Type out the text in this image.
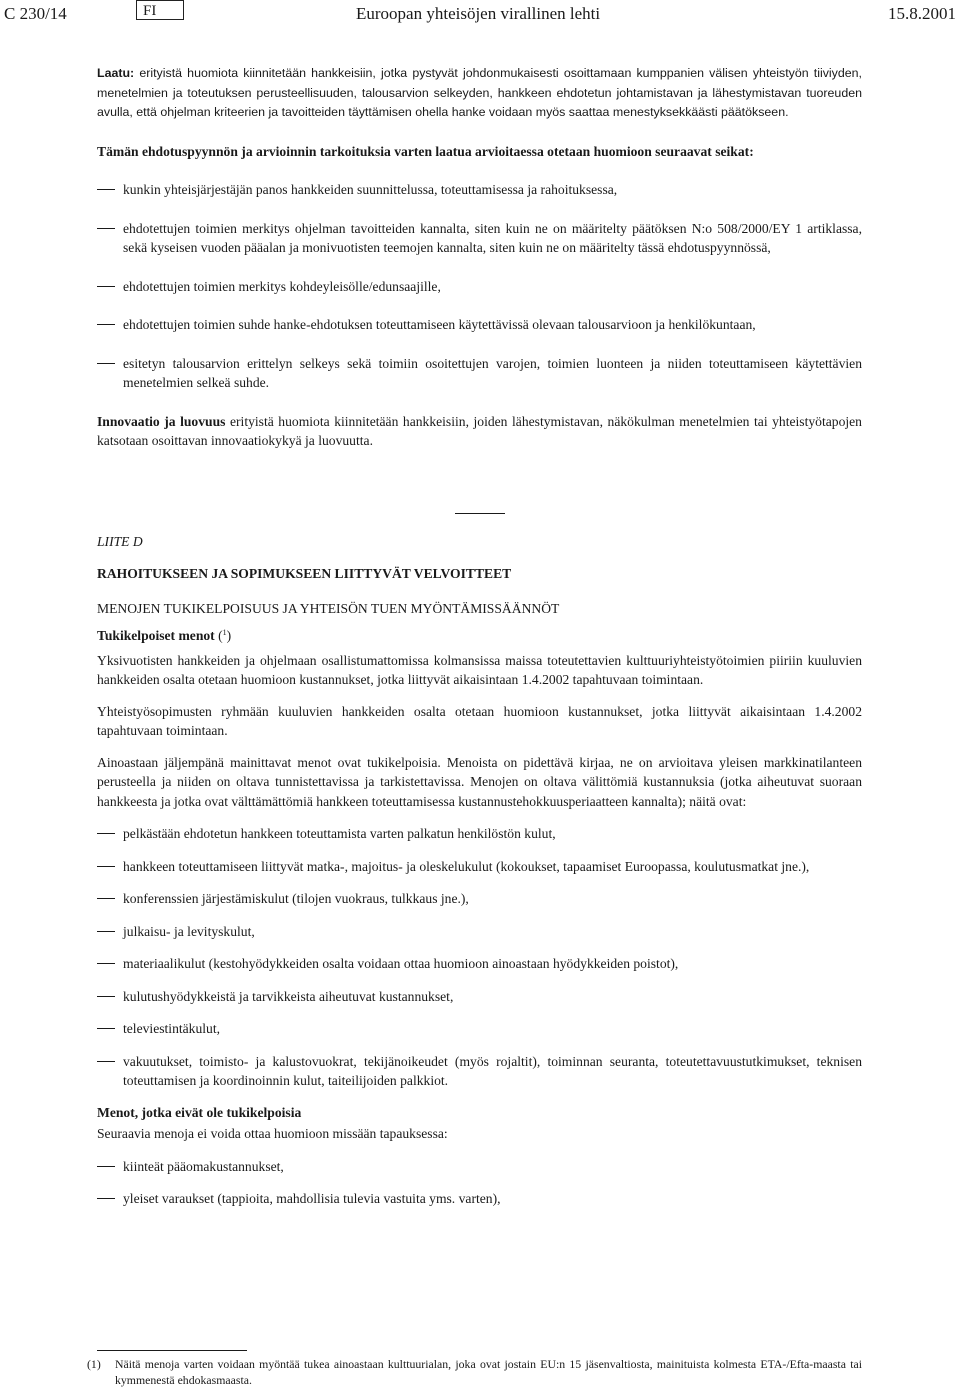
C 230/14	FI	Euroopan yhteisöjen virallinen lehti	15.8.2001

Laatu: erityistä huomiota kiinnitetään hankkeisiin, jotka pystyvät johdonmukaisesti osoittamaan kumppanien välisen yhteistyön tiiviyden, menetelmien ja toteutuksen perusteellisuuden, talousarvion selkeyden, hankkeen ehdotetun johtamistavan ja lähestymistavan tuoreuden avulla, että ohjelman kriteerien ja tavoitteiden täyttämisen ohella hanke voidaan myös saattaa menestyksekkäästi päätökseen.

Tämän ehdotuspyynnön ja arvioinnin tarkoituksia varten laatua arvioitaessa otetaan huomioon seuraavat seikat:

kunkin yhteisjärjestäjän panos hankkeiden suunnittelussa, toteuttamisessa ja rahoituksessa,

ehdotettujen toimien merkitys ohjelman tavoitteiden kannalta, siten kuin ne on määritelty päätöksen N:o 508/2000/EY 1 artiklassa, sekä kyseisen vuoden pääalan ja monivuotisten teemojen kannalta, siten kuin ne on määritelty tässä ehdotuspyynnössä,

ehdotettujen toimien merkitys kohdeyleisölle/edunsaajille,

ehdotettujen toimien suhde hanke-ehdotuksen toteuttamiseen käytettävissä olevaan talousarvioon ja henkilökuntaan,

esitetyn talousarvion erittelyn selkeys sekä toimiin osoitettujen varojen, toimien luonteen ja niiden toteuttamiseen käytettävien menetelmien selkeä suhde.

Innovaatio ja luovuus erityistä huomiota kiinnitetään hankkeisiin, joiden lähestymistavan, näkökulman menetelmien tai yhteistyötapojen katsotaan osoittavan innovaatiokykyä ja luovuutta.

LIITE D

RAHOITUKSEEN JA SOPIMUKSEEN LIITTYVÄT VELVOITTEET

MENOJEN TUKIKELPOISUUS JA YHTEISÖN TUEN MYÖNTÄMISSÄÄNNÖT

Tukikelpoiset menot ($^1$)

Yksivuotisten hankkeiden ja ohjelmaan osallistumattomissa kolmansissa maissa toteutettavien kulttuuriyhteistyötoimien piiriin kuuluvien hankkeiden osalta otetaan huomioon kustannukset, jotka liittyvät aikaisintaan 1.4.2002 tapahtuvaan toimintaan.

Yhteistyösopimusten ryhmään kuuluvien hankkeiden osalta otetaan huomioon kustannukset, jotka liittyvät aikaisintaan 1.4.2002 tapahtuvaan toimintaan.

Ainoastaan jäljempänä mainittavat menot ovat tukikelpoisia. Menoista on pidettävä kirjaa, ne on arvioitava yleisen markkinatilanteen perusteella ja niiden on oltava tunnistettavissa ja tarkistettavissa. Menojen on oltava välittömiä kustannuksia (jotka aiheutuvat suoraan hankkeesta ja jotka ovat välttämättömiä hankkeen toteuttamisessa kustannustehokkuusperiaatteen kannalta); näitä ovat:

pelkästään ehdotetun hankkeen toteuttamista varten palkatun henkilöstön kulut,

hankkeen toteuttamiseen liittyvät matka-, majoitus- ja oleskelukulut (kokoukset, tapaamiset Euroopassa, koulutusmatkat jne.),

konferenssien järjestämiskulut (tilojen vuokraus, tulkkaus jne.),

julkaisu- ja levityskulut,

materiaalikulut (kestohyödykkeiden osalta voidaan ottaa huomioon ainoastaan hyödykkeiden poistot),

kulutushyödykkeistä ja tarvikkeista aiheutuvat kustannukset,

televiestintäkulut,

vakuutukset, toimisto- ja kalustovuokrat, tekijänoikeudet (myös rojaltit), toiminnan seuranta, toteutettavuustutkimukset, teknisen toteuttamisen ja koordinoinnin kulut, taiteilijoiden palkkiot.

Menot, jotka eivät ole tukikelpoisia

Seuraavia menoja ei voida ottaa huomioon missään tapauksessa:

kiinteät pääomakustannukset,

yleiset varaukset (tappioita, mahdollisia tulevia vastuita yms. varten),

(1)	Näitä menoja varten voidaan myöntää tukea ainoastaan kulttuurialan, joka ovat jostain EU:n 15 jäsenvaltiosta, mainituista kolmesta ETA-/Efta-maasta tai kymmenestä ehdokasmaasta.
